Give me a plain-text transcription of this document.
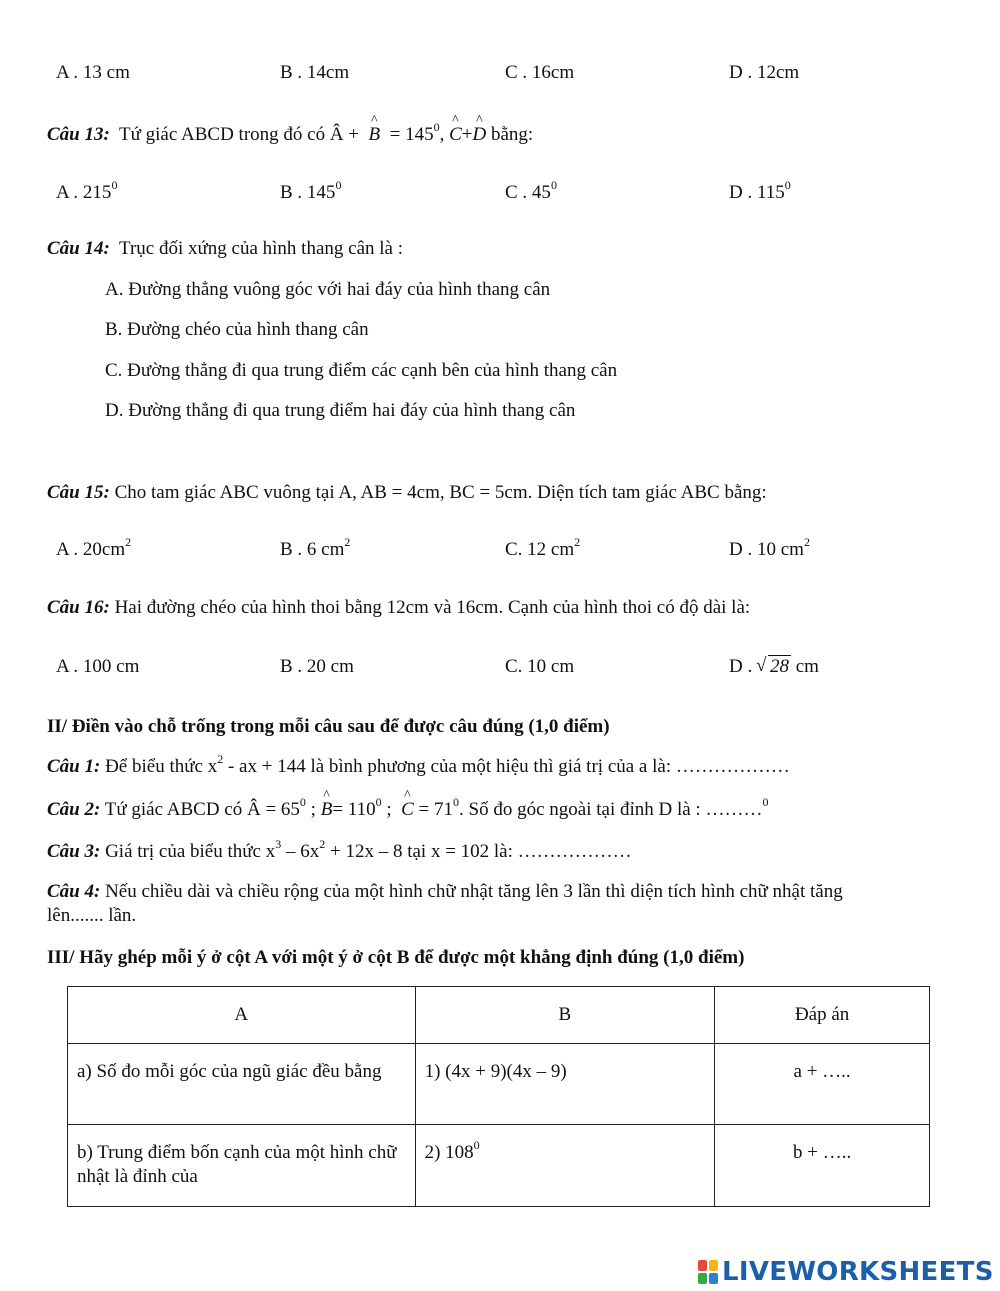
A . 13 cm	B . 14cm	C . 16cm	D . 12cm
Câu 13: Tứ giác ABCD trong đó có Â + ^ $B = 145^0$, ^ C+^ D bằng:
A . $215^0$	B . $145^0$	C . $45^0$	D . $115^0$
Câu 14: Trục đối xứng của hình thang cân là :
A. Đường thẳng vuông góc với hai đáy của hình thang cân
B. Đường chéo của hình thang cân
C. Đường thẳng đi qua trung điểm các cạnh bên của hình thang cân
D. Đường thẳng đi qua trung điểm hai đáy của hình thang cân
Câu 15: Cho tam giác ABC vuông tại A, AB = 4cm, BC = 5cm. Diện tích tam giác ABC bằng:
A . $20cm^2$	B . 6 $cm^2$	C. 12 $cm^2$	D . 10 $cm^2$
Câu 16: Hai đường chéo của hình thoi bằng 12cm và 16cm. Cạnh của hình thoi có độ dài là:
A . 100 cm	B . 20 cm	C. 10 cm	D . √ 28 cm
II/ Điền vào chỗ trống trong mỗi câu sau để được câu đúng (1,0 điểm)
Câu 1: Để biểu thức $x^2$ - ax + 144 là bình phương của một hiệu thì giá trị của a là: ………………
Câu 2: Tứ giác ABCD có Â = $65^0$ ; ^ $B= 110^0$ ; ^ $C = 71^0$. Số đo góc ngoài tại đỉnh D là : ………$^0$
Câu 3: Giá trị của biểu thức $x^3 - 6x^2 + 12x - 8$ tại x = 102 là: ………………
Câu 4: Nếu chiều dài và chiều rộng của một hình chữ nhật tăng lên 3 lần thì diện tích hình chữ nhật tăng
lên....... lần.
III/ Hãy ghép mỗi ý ở cột A với một ý ở cột B để được một khẳng định đúng (1,0 điểm)
A	B	Đáp án
a) Số đo mỗi góc của ngũ giác đều bằng	1) (4x + 9)(4x – 9)	a + …..
b) Trung điểm bốn cạnh của một hình chữ nhật là đỉnh của	2) $108^0$	b + …..
LIVEWORKSHEETS
